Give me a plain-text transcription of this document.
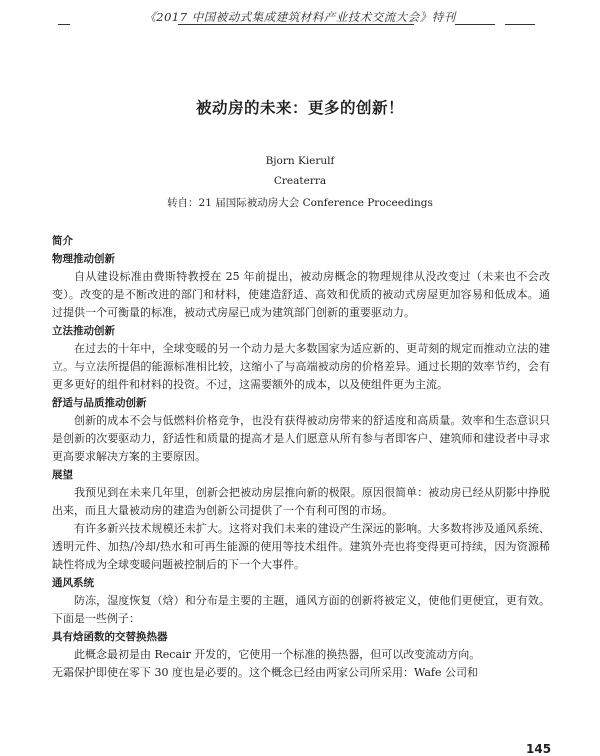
《2017 中国被动式集成建筑材料产业技术交流大会》特刊
被动房的未来：更多的创新！
Bjorn Kierulf
Createrra
转自：21 届国际被动房大会 Conference Proceedings
简介
物理推动创新

自从建设标准由费斯特教授在 25 年前提出，被动房概念的物理规律从没改变过（未来也不会改变）。改变的是不断改进的部门和材料，使建造舒适、高效和优质的被动式房屋更加容易和低成本。通过提供一个可衡量的标准，被动式房屋已成为建筑部门创新的重要驱动力。

立法推动创新

在过去的十年中，全球变暖的另一个动力是大多数国家为适应新的、更苛刻的规定而推动立法的建立。与立法所提倡的能源标准相比较，这缩小了与高端被动房的价格差异。通过长期的效率节约，会有更多更好的组件和材料的投资。不过，这需要额外的成本，以及使组件更为主流。

舒适与品质推动创新

创新的成本不会与低燃料价格竞争，也没有获得被动房带来的舒适度和高质量。效率和生态意识只是创新的次要驱动力，舒适性和质量的提高才是人们愿意从所有参与者即客户、建筑师和建设者中寻求更高要求解决方案的主要原因。

展望

我预见到在未来几年里，创新会把被动房层推向新的极限。原因很简单：被动房已经从阴影中挣脱出来，而且大量被动房的建造为创新公司提供了一个有利可图的市场。

有许多新兴技术规模还未扩大。这将对我们未来的建设产生深远的影响。大多数将涉及通风系统、透明元件、加热/冷却/热水和可再生能源的使用等技术组件。建筑外壳也将变得更可持续，因为资源稀缺性将成为全球变暖问题被控制后的下一个大事件。

通风系统

防冻，湿度恢复（焓）和分布是主要的主题，通风方面的创新将被定义，使他们更便宜，更有效。下面是一些例子：

具有焓函数的交替换热器

此概念最初是由 Recair 开发的，它使用一个标准的换热器，但可以改变流动方向。

无霜保护即使在零下 30 度也是必要的。这个概念已经由两家公司所采用：Wafe 公司和

145
